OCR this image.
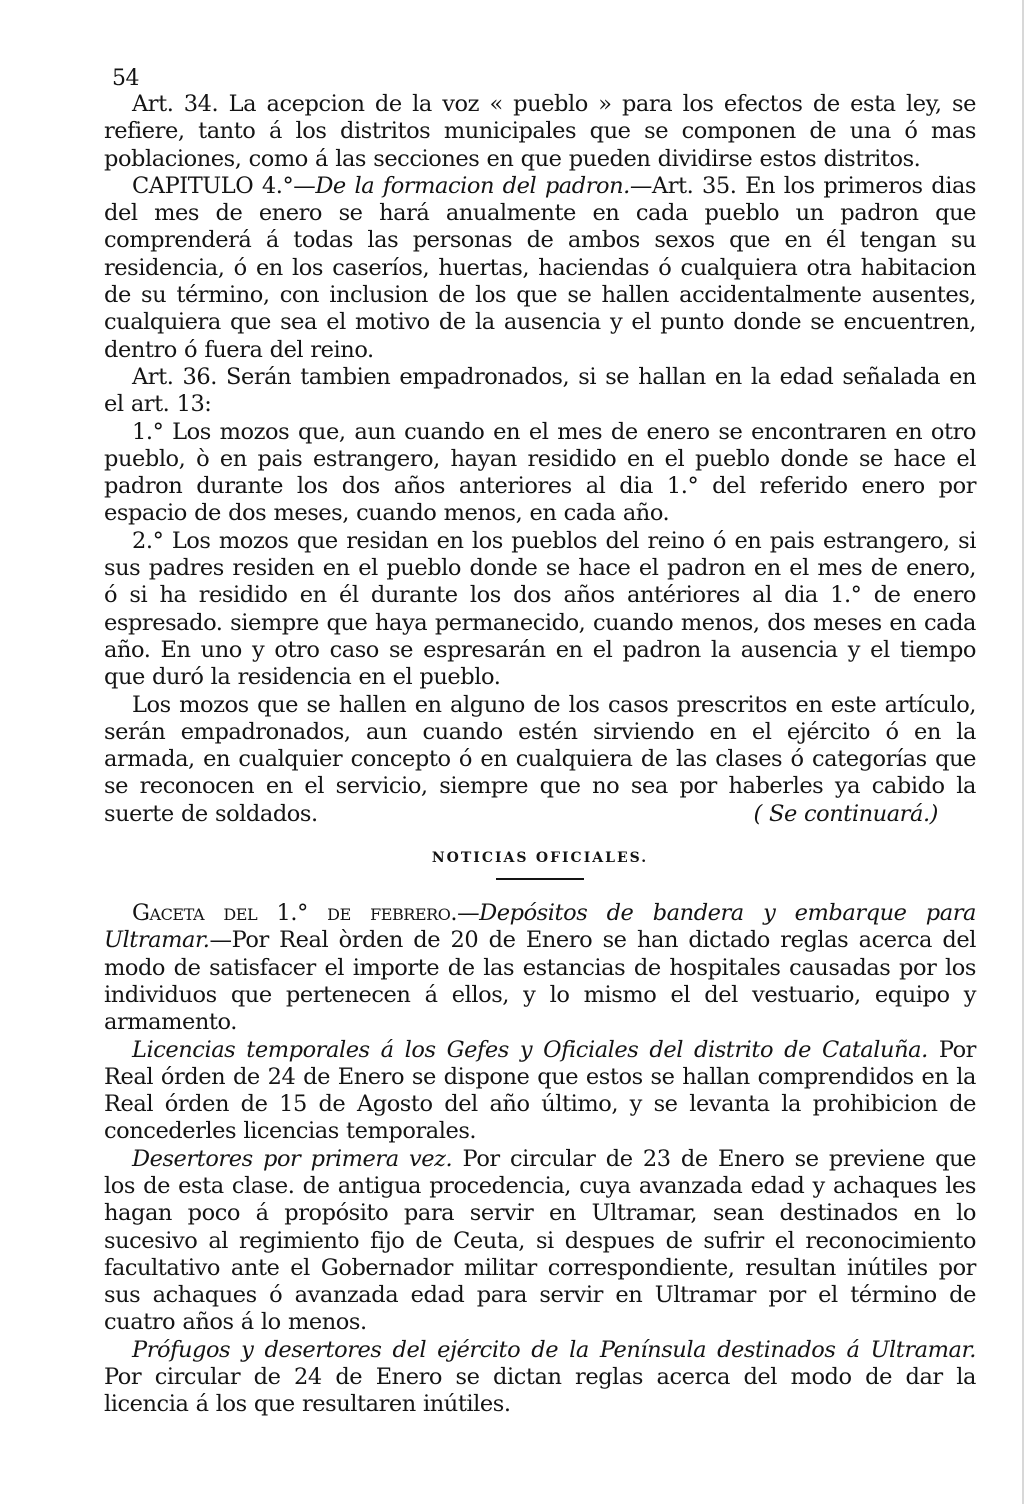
54

Art. 34. La acepcion de la voz « pueblo » para los efectos de esta ley, se refiere, tanto á los distritos municipales que se componen de una ó mas poblaciones, como á las secciones en que pueden dividirse estos distritos.

CAPITULO 4.°—De la formacion del padron.—Art. 35. En los primeros dias del mes de enero se hará anualmente en cada pueblo un padron que comprenderá á todas las personas de ambos sexos que en él tengan su residencia, ó en los caseríos, huertas, haciendas ó cualquiera otra habitacion de su término, con inclusion de los que se hallen accidentalmente ausentes, cualquiera que sea el motivo de la ausencia y el punto donde se encuentren, dentro ó fuera del reino.

Art. 36. Serán tambien empadronados, si se hallan en la edad señalada en el art. 13:

1.° Los mozos que, aun cuando en el mes de enero se encontraren en otro pueblo, ò en pais estrangero, hayan residido en el pueblo donde se hace el padron durante los dos años anteriores al dia 1.° del referido enero por espacio de dos meses, cuando menos, en cada año.

2.° Los mozos que residan en los pueblos del reino ó en pais estrangero, si sus padres residen en el pueblo donde se hace el padron en el mes de enero, ó si ha residido en él durante los dos años antériores al dia 1.° de enero espresado. siempre que haya permanecido, cuando menos, dos meses en cada año. En uno y otro caso se espresarán en el padron la ausencia y el tiempo que duró la residencia en el pueblo.

Los mozos que se hallen en alguno de los casos prescritos en este artículo, serán empadronados, aun cuando estén sirviendo en el ejército ó en la armada, en cualquier concepto ó en cualquiera de las clases ó categorías que se reconocen en el servicio, siempre que no sea por haberles ya cabido la suerte de soldados.	( Se continuará.)

NOTICIAS OFICIALES.

Gaceta del 1.° de febrero.—Depósitos de bandera y embarque para Ultramar.—Por Real òrden de 20 de Enero se han dictado reglas acerca del modo de satisfacer el importe de las estancias de hospitales causadas por los individuos que pertenecen á ellos, y lo mismo el del vestuario, equipo y armamento.

Licencias temporales á los Gefes y Oficiales del distrito de Cataluña. Por Real órden de 24 de Enero se dispone que estos se hallan comprendidos en la Real órden de 15 de Agosto del año último, y se levanta la prohibicion de concederles licencias temporales.

Desertores por primera vez. Por circular de 23 de Enero se previene que los de esta clase. de antigua procedencia, cuya avanzada edad y achaques les hagan poco á propósito para servir en Ultramar, sean destinados en lo sucesivo al regimiento fijo de Ceuta, si despues de sufrir el reconocimiento facultativo ante el Gobernador militar correspondiente, resultan inútiles por sus achaques ó avanzada edad para servir en Ultramar por el término de cuatro años á lo menos.

Prófugos y desertores del ejército de la Península destinados á Ultramar. Por circular de 24 de Enero se dictan reglas acerca del modo de dar la licencia á los que resultaren inútiles.
